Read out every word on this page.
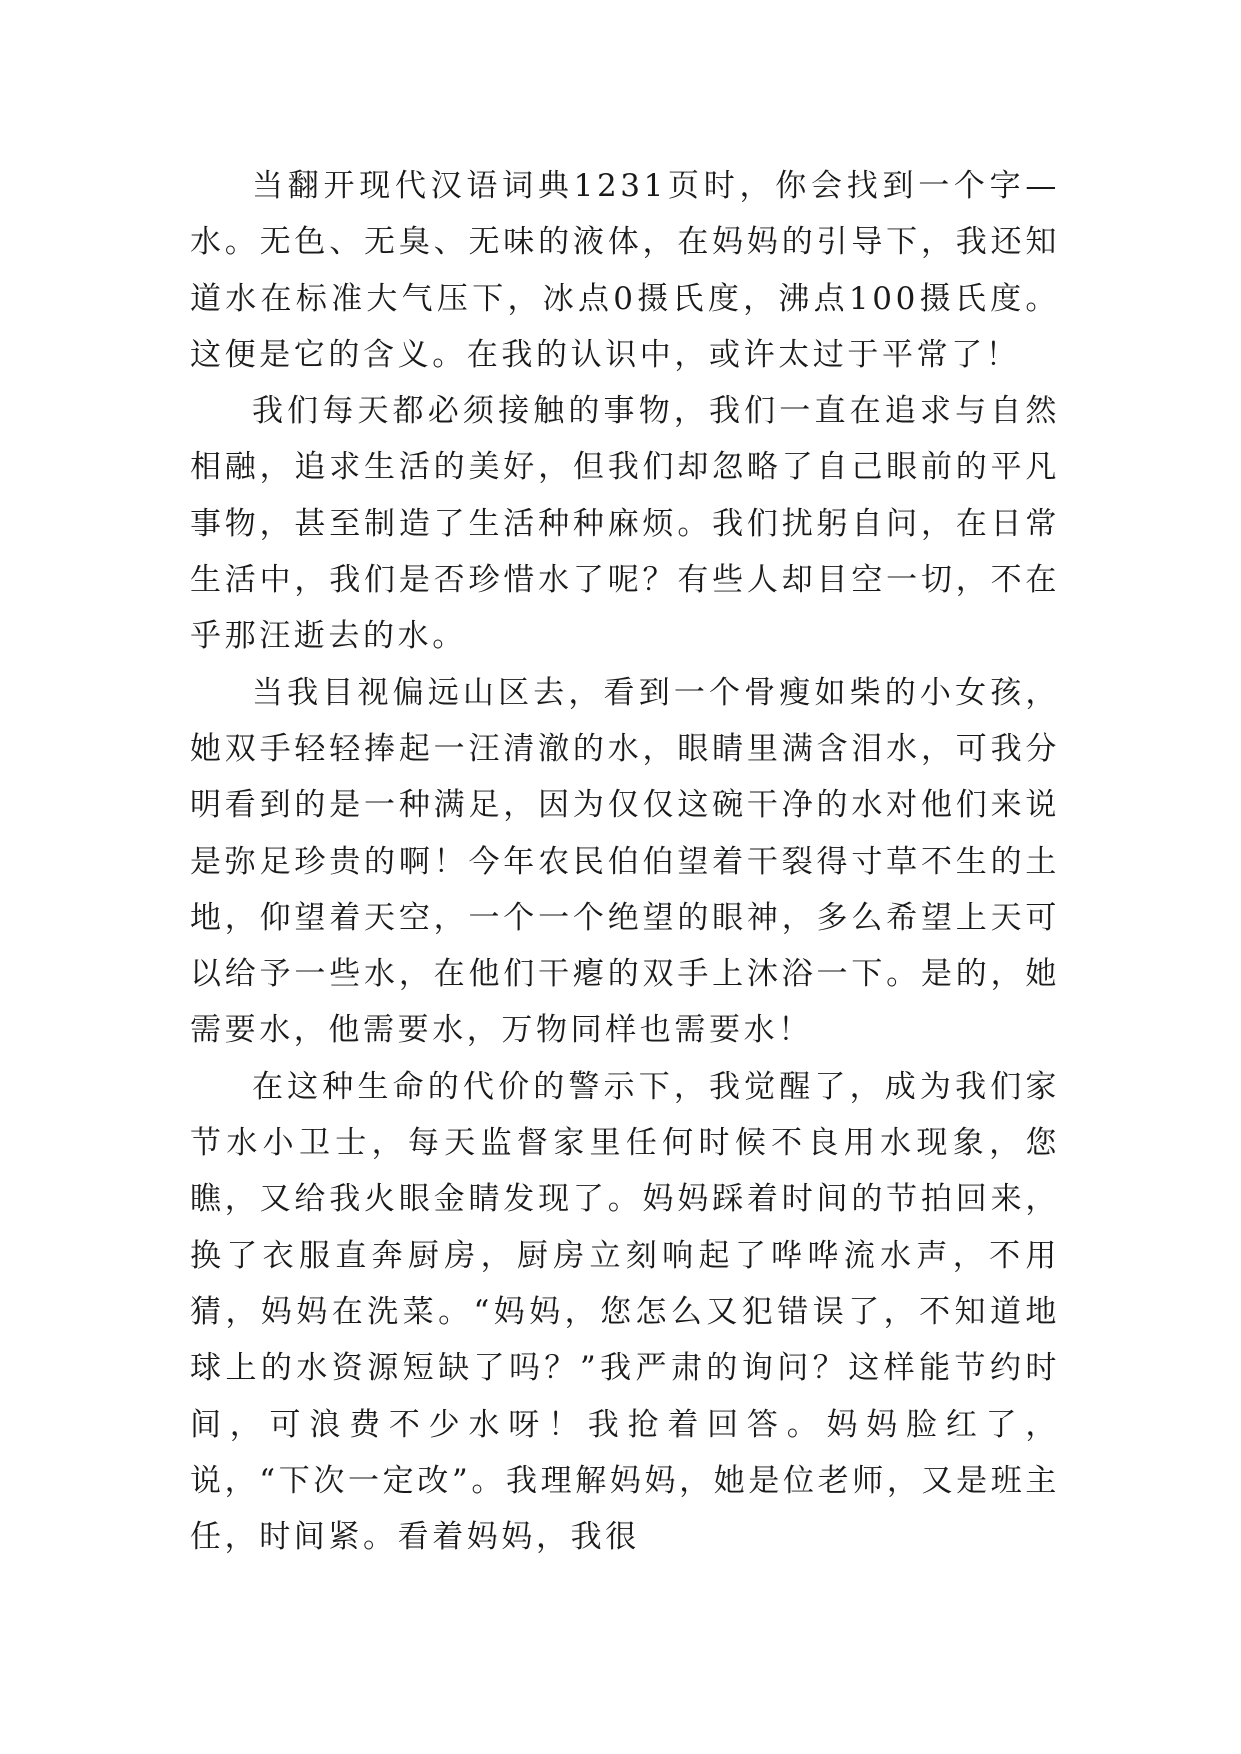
当翻开现代汉语词典1231页时，你会找到一个字—水。无色、无臭、无味的液体，在妈妈的引导下，我还知道水在标准大气压下，冰点0摄氏度，沸点100摄氏度。这便是它的含义。在我的认识中，或许太过于平常了！

我们每天都必须接触的事物，我们一直在追求与自然相融，追求生活的美好，但我们却忽略了自己眼前的平凡事物，甚至制造了生活种种麻烦。我们扰躬自问，在日常生活中，我们是否珍惜水了呢？有些人却目空一切，不在乎那汪逝去的水。

当我目视偏远山区去，看到一个骨瘦如柴的小女孩，她双手轻轻捧起一汪清澈的水，眼睛里满含泪水，可我分明看到的是一种满足，因为仅仅这碗干净的水对他们来说是弥足珍贵的啊！今年农民伯伯望着干裂得寸草不生的土地，仰望着天空，一个一个绝望的眼神，多么希望上天可以给予一些水，在他们干瘪的双手上沐浴一下。是的，她需要水，他需要水，万物同样也需要水！

在这种生命的代价的警示下，我觉醒了，成为我们家节水小卫士，每天监督家里任何时候不良用水现象，您瞧，又给我火眼金睛发现了。妈妈踩着时间的节拍回来，换了衣服直奔厨房，厨房立刻响起了哗哗流水声，不用猜，妈妈在洗菜。“妈妈，您怎么又犯错误了，不知道地球上的水资源短缺了吗？”我严肃的询问？这样能节约时间，可浪费不少水呀！我抢着回答。妈妈脸红了，说，“下次一定改”。我理解妈妈，她是位老师，又是班主任，时间紧。看着妈妈，我很
